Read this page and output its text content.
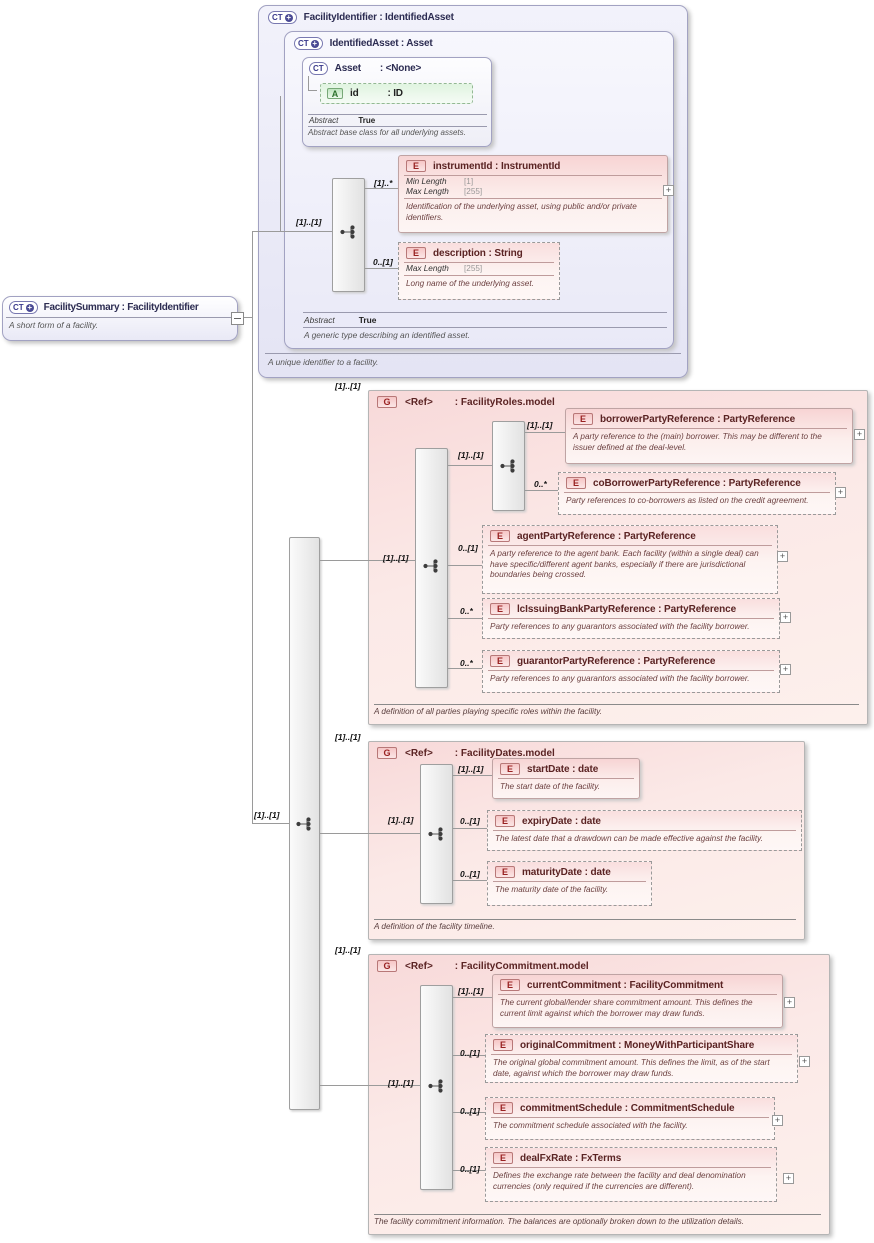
CT + FacilityIdentifier : IdentifiedAsset
A unique identifier to a facility.
CT + IdentifiedAsset : Asset
Abstract	True
A generic type describing an identified asset.
CT Asset : <None>
A	id	: ID
Abstract	True
Abstract base class for all underlying assets.
CT + FacilitySummary : FacilityIdentifier
A short form of a facility.
G	<Ref> : FacilityRoles.model
A definition of all parties playing specific roles within the facility.
G	<Ref> : FacilityDates.model
A definition of the facility timeline.
G	<Ref> : FacilityCommitment.model
The facility commitment information. The balances are optionally broken down to the utilization details.
E	instrumentId : InstrumentId
Min Length	[1]
Max Length	[255]
Identification of the underlying asset, using public and/or private identifiers.
E	description : String
Max Length	[255]
Long name of the underlying asset.
E	borrowerPartyReference : PartyReference
A party reference to the (main) borrower. This may be different to the issuer defined at the deal-level.
E	coBorrowerPartyReference : PartyReference
Party references to co-borrowers as listed on the credit agreement.
E	agentPartyReference : PartyReference
A party reference to the agent bank. Each facility (within a single deal) can have specific/different agent banks, especially if there are jurisdictional boundaries being crossed.
E	lcIssuingBankPartyReference : PartyReference
Party references to any guarantors associated with the facility borrower.
E	guarantorPartyReference : PartyReference
Party references to any guarantors associated with the facility borrower.
E	startDate : date
The start date of the facility.
E	expiryDate : date
The latest date that a drawdown can be made effective against the facility.
E	maturityDate : date
The maturity date of the facility.
E	currentCommitment : FacilityCommitment
The current global/lender share commitment amount. This defines the current limit against which the borrower may draw funds.
E	originalCommitment : MoneyWithParticipantShare
The original global commitment amount. This defines the limit, as of the start date, against which the borrower may draw funds.
E	commitmentSchedule : CommitmentSchedule
The commitment schedule associated with the facility.
E	dealFxRate : FxTerms
Defines the exchange rate between the facility and deal denomination currencies (only required if the currencies are different).
[1]..[1]
[1]..*
0..[1]
[1]..[1]
[1]..[1]
[1]..[1]
[1]..[1]
[1]..[1]
0..*
0..[1]
0..*
0..*
[1]..[1]
[1]..[1]
[1]..[1]
0..[1]
0..[1]
[1]..[1]
[1]..[1]
[1]..[1]
0..[1]
0..[1]
0..[1]
+
+
+
+
+
+
+
+
+
+
